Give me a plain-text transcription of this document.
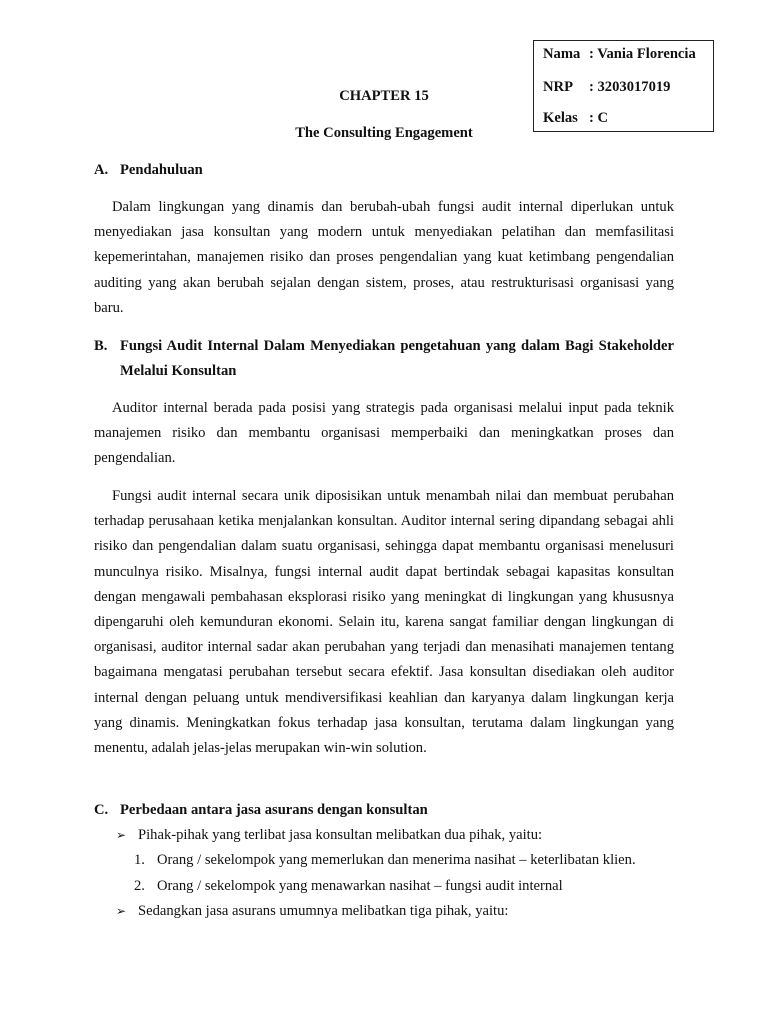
Nama : Vania Florencia
NRP : 3203017019
Kelas : C
CHAPTER 15
The Consulting Engagement
A. Pendahuluan

Dalam lingkungan yang dinamis dan berubah-ubah fungsi audit internal diperlukan untuk menyediakan jasa konsultan yang modern untuk menyediakan pelatihan dan memfasilitasi kepemerintahan, manajemen risiko dan proses pengendalian yang kuat ketimbang pengendalian auditing yang akan berubah sejalan dengan sistem, proses, atau restrukturisasi organisasi yang baru.

B. Fungsi Audit Internal Dalam Menyediakan pengetahuan yang dalam Bagi Stakeholder Melalui Konsultan

Auditor internal berada pada posisi yang strategis pada organisasi melalui input pada teknik manajemen risiko dan membantu organisasi memperbaiki dan meningkatkan proses dan pengendalian.

Fungsi audit internal secara unik diposisikan untuk menambah nilai dan membuat perubahan terhadap perusahaan ketika menjalankan konsultan. Auditor internal sering dipandang sebagai ahli risiko dan pengendalian dalam suatu organisasi, sehingga dapat membantu organisasi menelusuri munculnya risiko. Misalnya, fungsi internal audit dapat bertindak sebagai kapasitas konsultan dengan mengawali pembahasan eksplorasi risiko yang meningkat di lingkungan yang khususnya dipengaruhi oleh kemunduran ekonomi. Selain itu, karena sangat familiar dengan lingkungan di organisasi, auditor internal sadar akan perubahan yang terjadi dan menasihati manajemen tentang bagaimana mengatasi perubahan tersebut secara efektif. Jasa konsultan disediakan oleh auditor internal dengan peluang untuk mendiversifikasi keahlian dan karyanya dalam lingkungan kerja yang dinamis. Meningkatkan fokus terhadap jasa konsultan, terutama dalam lingkungan yang menentu, adalah jelas-jelas merupakan win-win solution.

C. Perbedaan antara jasa asurans dengan konsultan
➢ Pihak-pihak yang terlibat jasa konsultan melibatkan dua pihak, yaitu:
1. Orang / sekelompok yang memerlukan dan menerima nasihat – keterlibatan klien.
2. Orang / sekelompok yang menawarkan nasihat – fungsi audit internal
➢ Sedangkan jasa asurans umumnya melibatkan tiga pihak, yaitu:
